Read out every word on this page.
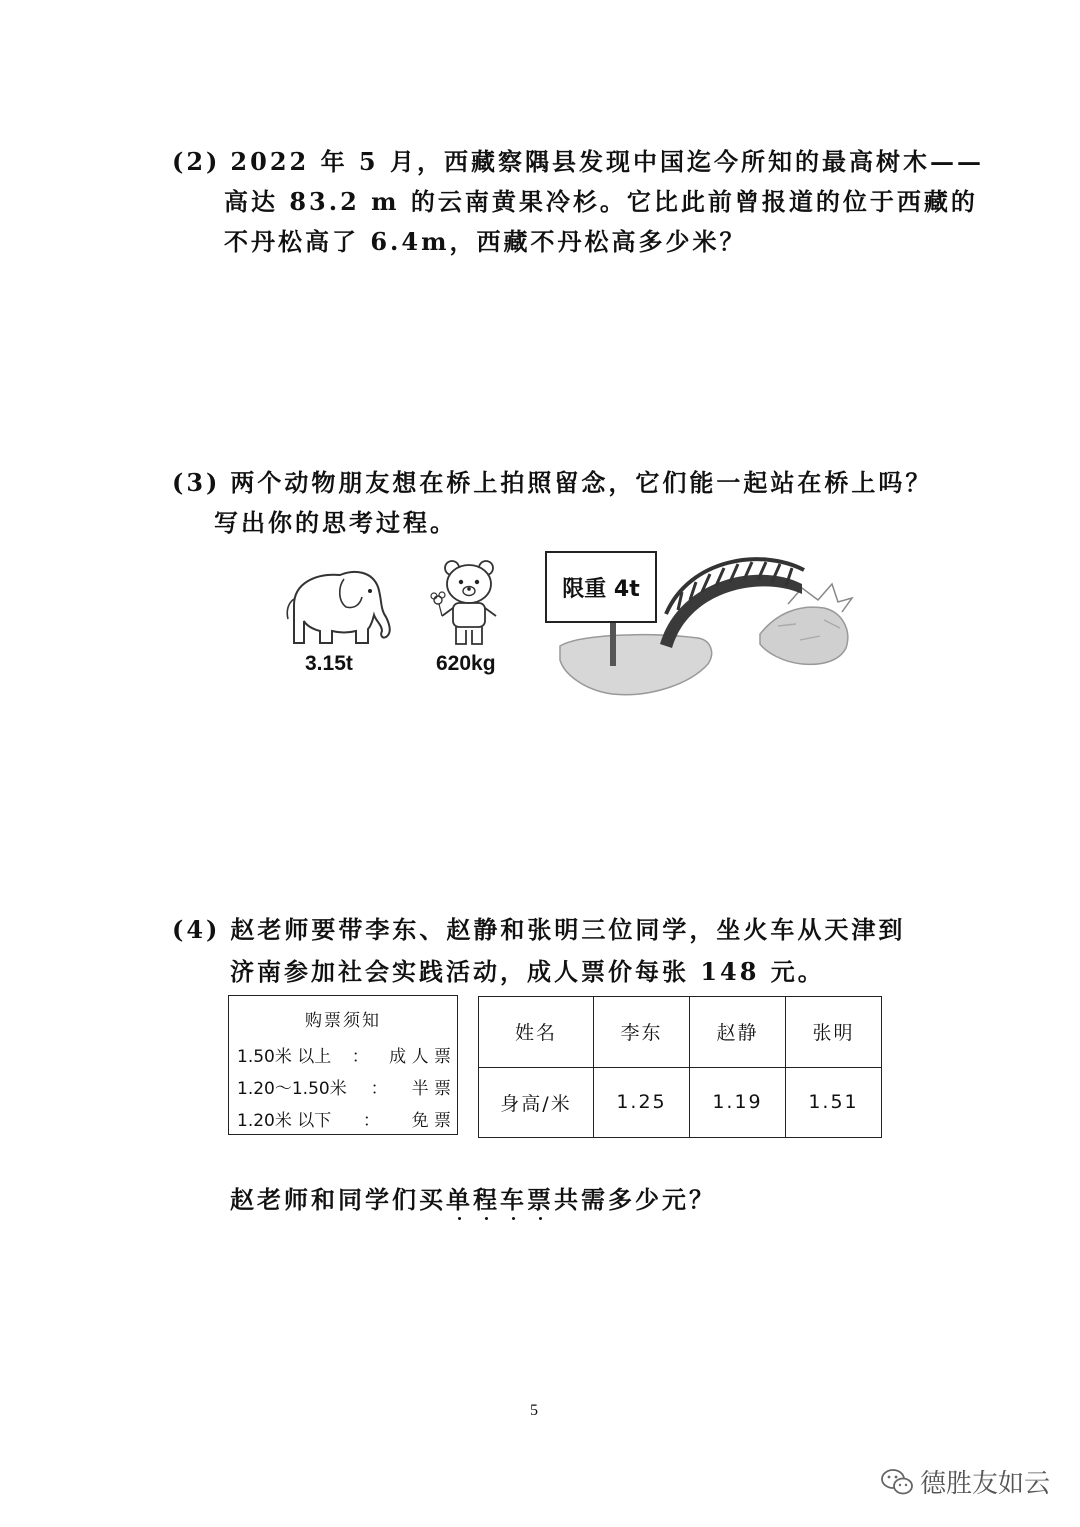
(2) 2022 年 5 月，西藏察隅县发现中国迄今所知的最高树木——
高达 83.2 m 的云南黄果冷杉。它比此前曾报道的位于西藏的
不丹松高了 6.4m，西藏不丹松高多少米？
(3) 两个动物朋友想在桥上拍照留念，它们能一起站在桥上吗？
写出你的思考过程。
3.15t	620kg
限重 4t
(4) 赵老师要带李东、赵静和张明三位同学，坐火车从天津到
济南参加社会实践活动，成人票价每张 148 元。
购票须知
1.50米 以上 ： 成 人 票
1.20～1.50米 ： 半 票
1.20米 以下 ： 免 票
姓名	李东	赵静	张明
身高/米	1.25	1.19	1.51
赵老师和同学们买单程车票共需多少元？
5
德胜友如云
